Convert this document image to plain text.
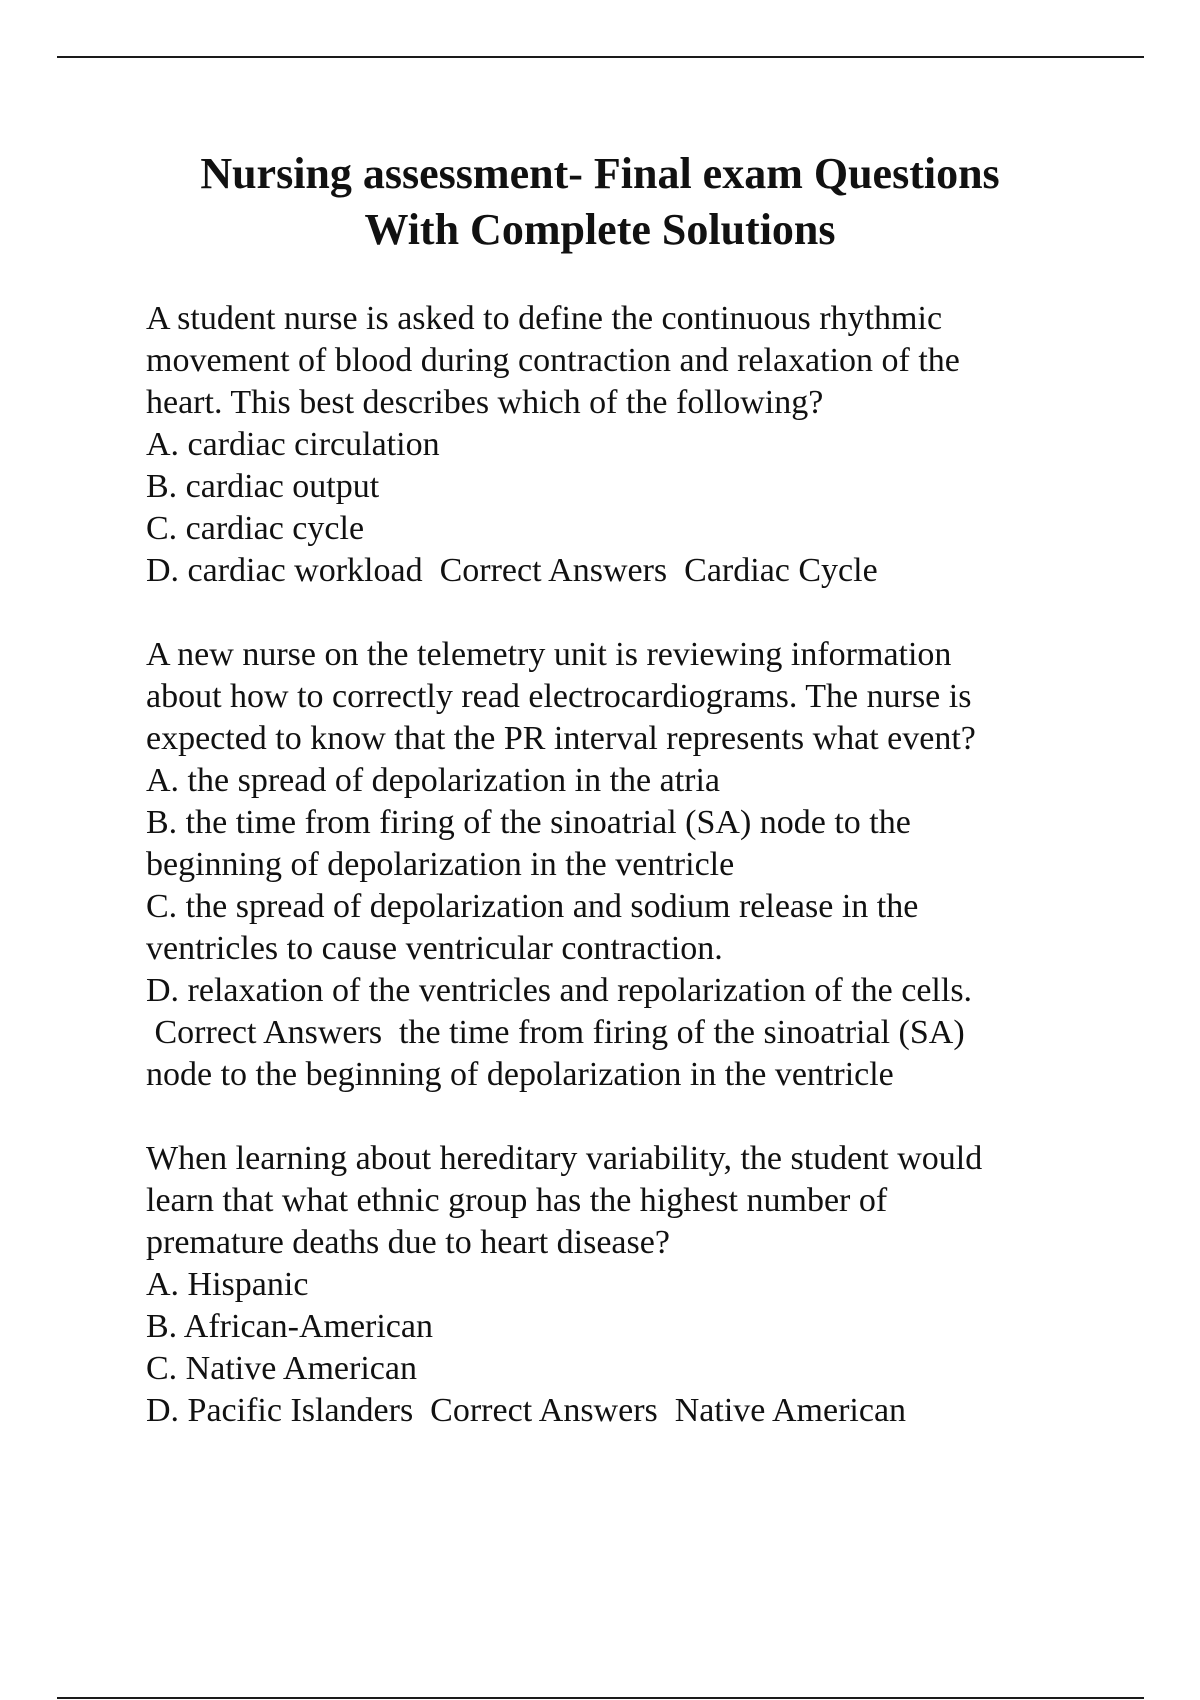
Nursing assessment- Final exam Questions
With Complete Solutions
A student nurse is asked to define the continuous rhythmic
movement of blood during contraction and relaxation of the
heart. This best describes which of the following?
A. cardiac circulation
B. cardiac output
C. cardiac cycle
D. cardiac workload  Correct Answers  Cardiac Cycle
A new nurse on the telemetry unit is reviewing information
about how to correctly read electrocardiograms. The nurse is
expected to know that the PR interval represents what event?
A. the spread of depolarization in the atria
B. the time from firing of the sinoatrial (SA) node to the
beginning of depolarization in the ventricle
C. the spread of depolarization and sodium release in the
ventricles to cause ventricular contraction.
D. relaxation of the ventricles and repolarization of the cells.
Correct Answers  the time from firing of the sinoatrial (SA)
node to the beginning of depolarization in the ventricle
When learning about hereditary variability, the student would
learn that what ethnic group has the highest number of
premature deaths due to heart disease?
A. Hispanic
B. African-American
C. Native American
D. Pacific Islanders  Correct Answers  Native American
